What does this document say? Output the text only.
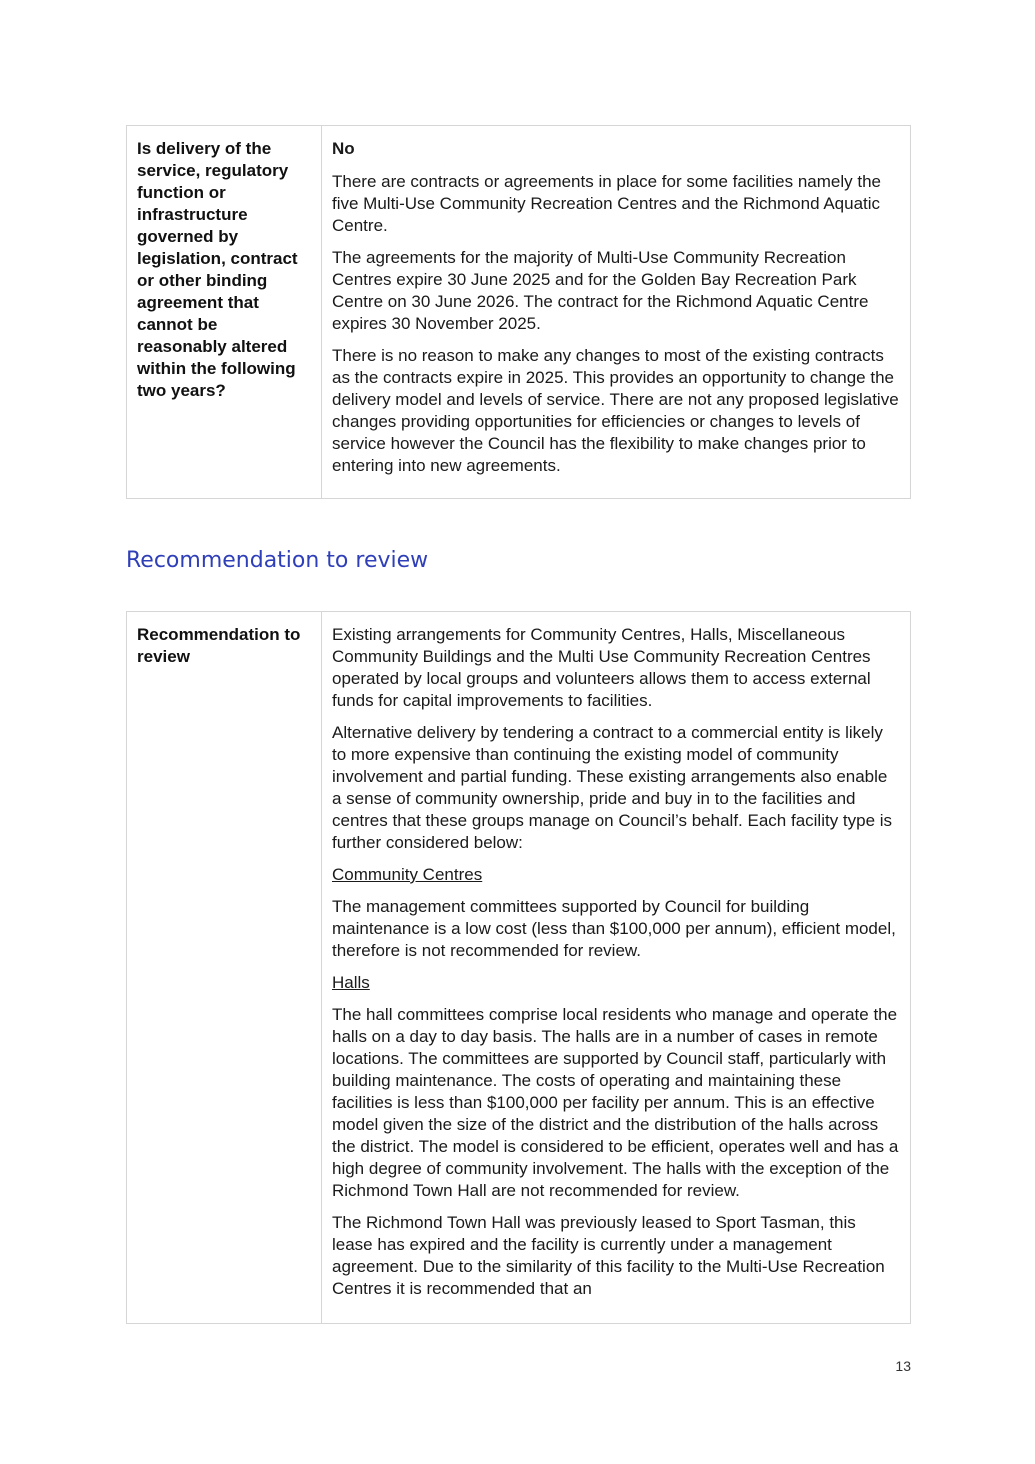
Is delivery of the service, regulatory function or infrastructure governed by legislation, contract or other binding agreement that cannot be reasonably altered within the following two years?

No

There are contracts or agreements in place for some facilities namely the five Multi-Use Community Recreation Centres and the Richmond Aquatic Centre.

The agreements for the majority of Multi-Use Community Recreation Centres expire 30 June 2025 and for the Golden Bay Recreation Park Centre on 30 June 2026. The contract for the Richmond Aquatic Centre expires 30 November 2025.

There is no reason to make any changes to most of the existing contracts as the contracts expire in 2025. This provides an opportunity to change the delivery model and levels of service. There are not any proposed legislative changes providing opportunities for efficiencies or changes to levels of service however the Council has the flexibility to make changes prior to entering into new agreements.

Recommendation to review
Recommendation to review

Existing arrangements for Community Centres, Halls, Miscellaneous Community Buildings and the Multi Use Community Recreation Centres operated by local groups and volunteers allows them to access external funds for capital improvements to facilities.

Alternative delivery by tendering a contract to a commercial entity is likely to more expensive than continuing the existing model of community involvement and partial funding. These existing arrangements also enable a sense of community ownership, pride and buy in to the facilities and centres that these groups manage on Council’s behalf. Each facility type is further considered below:

Community Centres

The management committees supported by Council for building maintenance is a low cost (less than $100,000 per annum), efficient model, therefore is not recommended for review.

Halls

The hall committees comprise local residents who manage and operate the halls on a day to day basis. The halls are in a number of cases in remote locations. The committees are supported by Council staff, particularly with building maintenance. The costs of operating and maintaining these facilities is less than $100,000 per facility per annum. This is an effective model given the size of the district and the distribution of the halls across the district. The model is considered to be efficient, operates well and has a high degree of community involvement. The halls with the exception of the Richmond Town Hall are not recommended for review.

The Richmond Town Hall was previously leased to Sport Tasman, this lease has expired and the facility is currently under a management agreement. Due to the similarity of this facility to the Multi-Use Recreation Centres it is recommended that an

13
